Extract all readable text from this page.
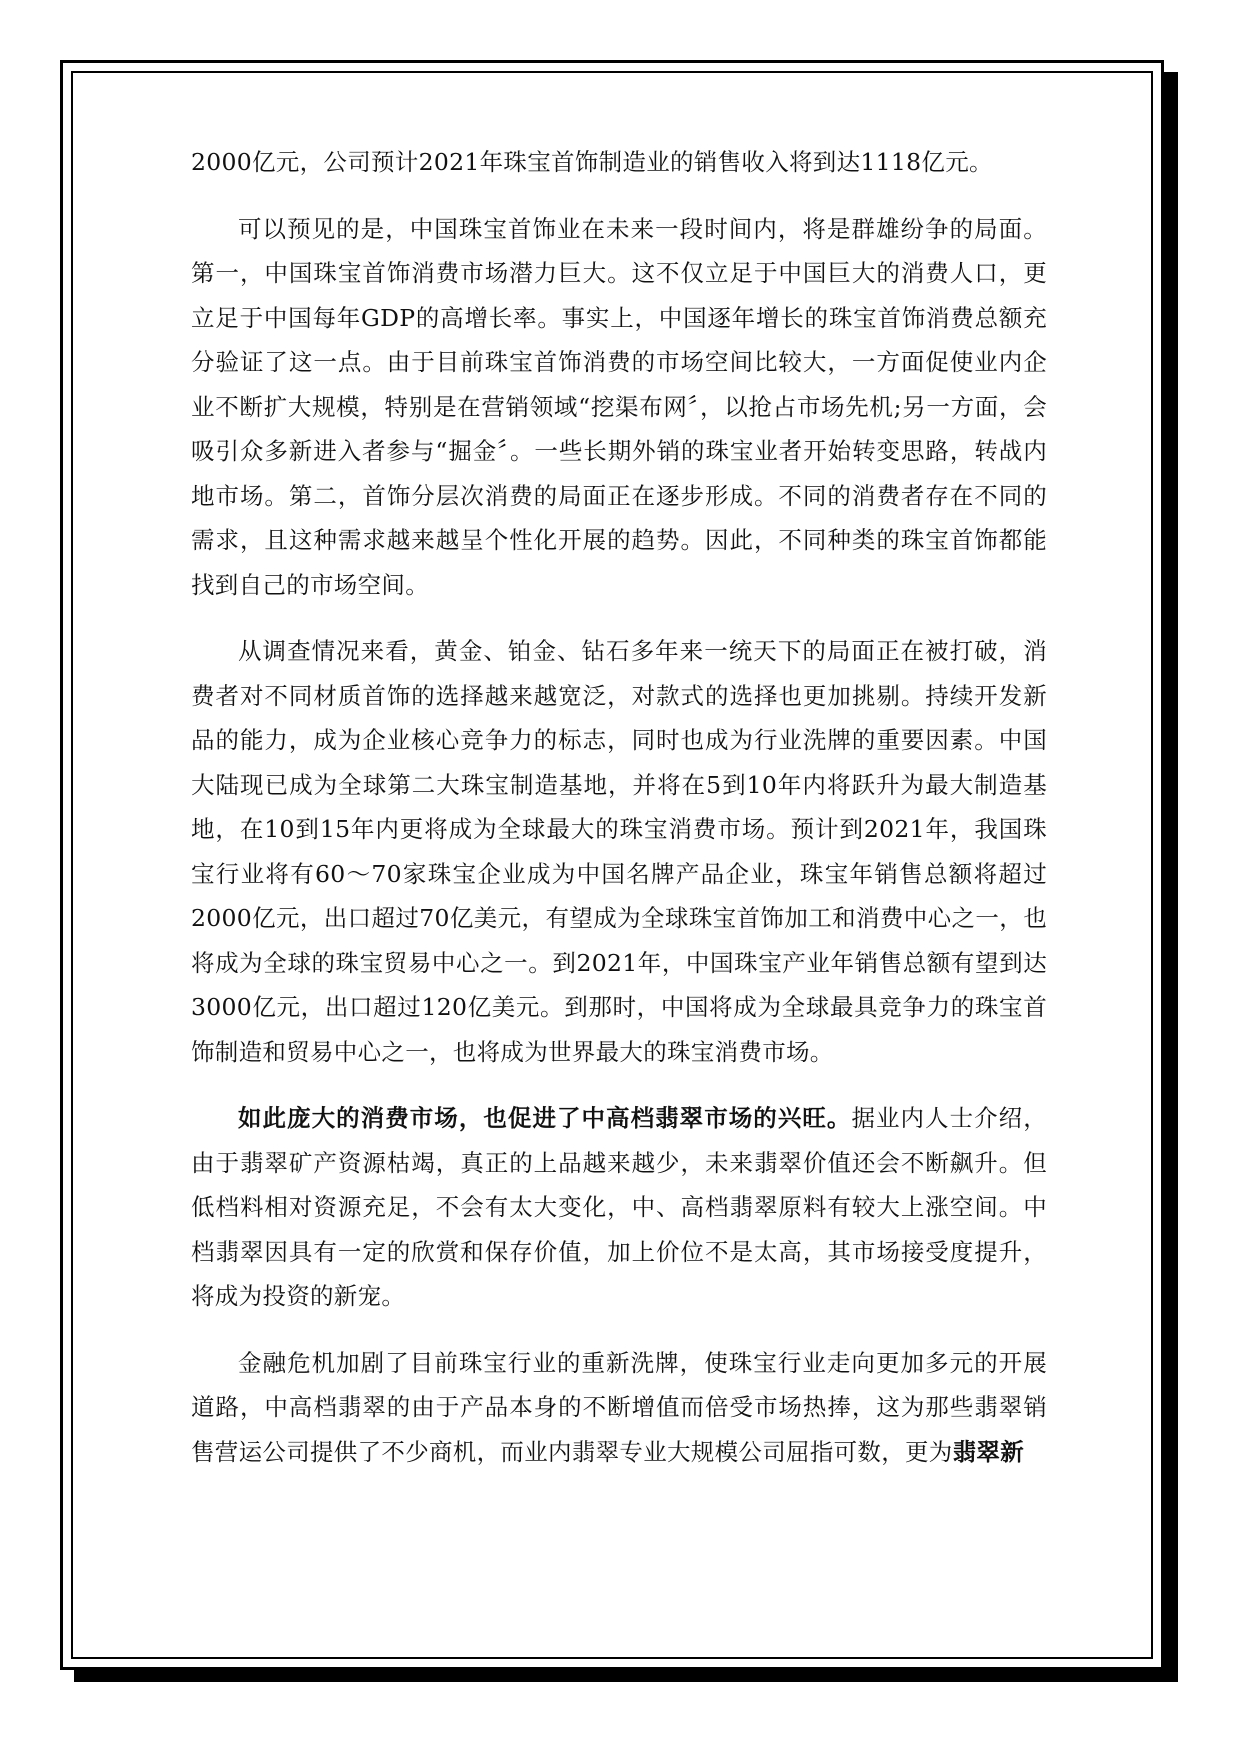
2000亿元，公司预计2021年珠宝首饰制造业的销售收入将到达1118亿元。

可以预见的是，中国珠宝首饰业在未来一段时间内，将是群雄纷争的局面。第一，中国珠宝首饰消费市场潜力巨大。这不仅立足于中国巨大的消费人口，更立足于中国每年GDP的高增长率。事实上，中国逐年增长的珠宝首饰消费总额充分验证了这一点。由于目前珠宝首饰消费的市场空间比较大，一方面促使业内企业不断扩大规模，特别是在营销领域“挖渠布网〞，以抢占市场先机;另一方面，会吸引众多新进入者参与“掘金〞。一些长期外销的珠宝业者开始转变思路，转战内地市场。第二，首饰分层次消费的局面正在逐步形成。不同的消费者存在不同的需求，且这种需求越来越呈个性化开展的趋势。因此，不同种类的珠宝首饰都能找到自己的市场空间。

从调查情况来看，黄金、铂金、钻石多年来一统天下的局面正在被打破，消费者对不同材质首饰的选择越来越宽泛，对款式的选择也更加挑剔。持续开发新品的能力，成为企业核心竞争力的标志，同时也成为行业洗牌的重要因素。中国大陆现已成为全球第二大珠宝制造基地，并将在5到10年内将跃升为最大制造基地，在10到15年内更将成为全球最大的珠宝消费市场。预计到2021年，我国珠宝行业将有60～70家珠宝企业成为中国名牌产品企业，珠宝年销售总额将超过2000亿元，出口超过70亿美元，有望成为全球珠宝首饰加工和消费中心之一，也将成为全球的珠宝贸易中心之一。到2021年，中国珠宝产业年销售总额有望到达3000亿元，出口超过120亿美元。到那时，中国将成为全球最具竞争力的珠宝首饰制造和贸易中心之一，也将成为世界最大的珠宝消费市场。

如此庞大的消费市场，也促进了中高档翡翠市场的兴旺。据业内人士介绍，由于翡翠矿产资源枯竭，真正的上品越来越少，未来翡翠价值还会不断飙升。但低档料相对资源充足，不会有太大变化，中、高档翡翠原料有较大上涨空间。中档翡翠因具有一定的欣赏和保存价值，加上价位不是太高，其市场接受度提升，将成为投资的新宠。

金融危机加剧了目前珠宝行业的重新洗牌，使珠宝行业走向更加多元的开展道路，中高档翡翠的由于产品本身的不断增值而倍受市场热捧，这为那些翡翠销售营运公司提供了不少商机，而业内翡翠专业大规模公司屈指可数，更为翡翠新
